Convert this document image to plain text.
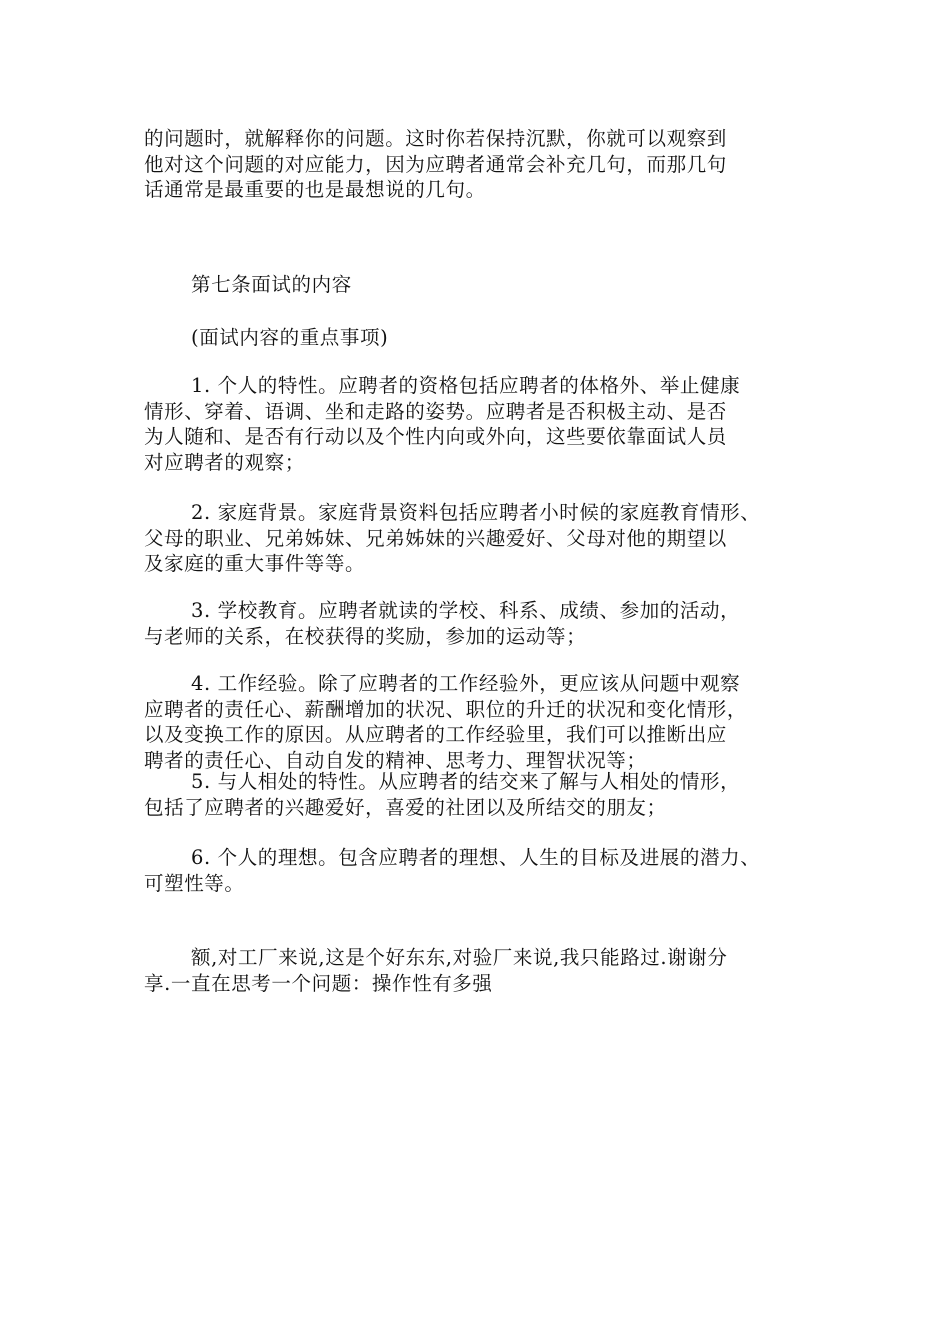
的问题时，就解释你的问题。这时你若保持沉默，你就可以观察到
他对这个问题的对应能力，因为应聘者通常会补充几句，而那几句
话通常是最重要的也是最想说的几句。

第七条面试的内容

(面试内容的重点事项)

1. 个人的特性。应聘者的资格包括应聘者的体格外、举止健康
情形、穿着、语调、坐和走路的姿势。应聘者是否积极主动、是否
为人随和、是否有行动以及个性内向或外向，这些要依靠面试人员
对应聘者的观察；

2. 家庭背景。家庭背景资料包括应聘者小时候的家庭教育情形、
父母的职业、兄弟姊妹、兄弟姊妹的兴趣爱好、父母对他的期望以
及家庭的重大事件等等。

3. 学校教育。应聘者就读的学校、科系、成绩、参加的活动，
与老师的关系，在校获得的奖励，参加的运动等；

4. 工作经验。除了应聘者的工作经验外，更应该从问题中观察
应聘者的责任心、薪酬增加的状况、职位的升迁的状况和变化情形，
以及变换工作的原因。从应聘者的工作经验里，我们可以推断出应
聘者的责任心、自动自发的精神、思考力、理智状况等；

5. 与人相处的特性。从应聘者的结交来了解与人相处的情形，
包括了应聘者的兴趣爱好，喜爱的社团以及所结交的朋友；

6. 个人的理想。包含应聘者的理想、人生的目标及进展的潜力、
可塑性等。

额,对工厂来说,这是个好东东,对验厂来说,我只能路过.谢谢分
享.一直在思考一个问题：操作性有多强
